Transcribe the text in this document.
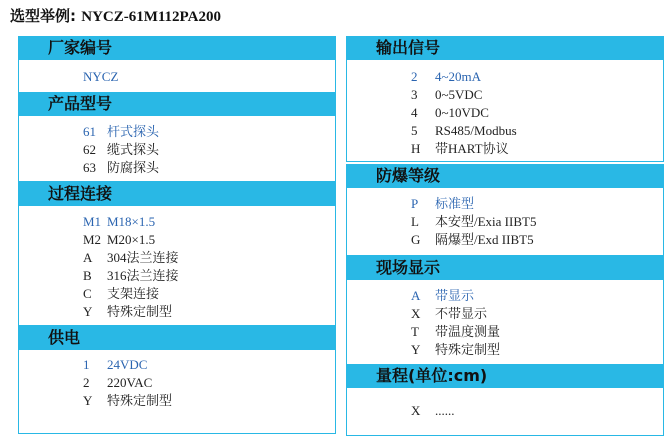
选型举例: NYCZ-61M112PA200
厂家编号
NYCZ
产品型号
61 杆式探头
62 缆式探头
63 防腐探头
过程连接
M1 M18×1.5
M2 M20×1.5
A 304法兰连接
B 316法兰连接
C 支架连接
Y 特殊定制型
供电
1 24VDC
2 220VAC
Y 特殊定制型
输出信号
2 4~20mA
3 0~5VDC
4 0~10VDC
5 RS485/Modbus
H 带HART协议
防爆等级
P 标准型
L 本安型/Exia IIBT5
G 隔爆型/Exd IIBT5
现场显示
A 带显示
X 不带显示
T 带温度测量
Y 特殊定制型
量程(单位:cm)
X ......
